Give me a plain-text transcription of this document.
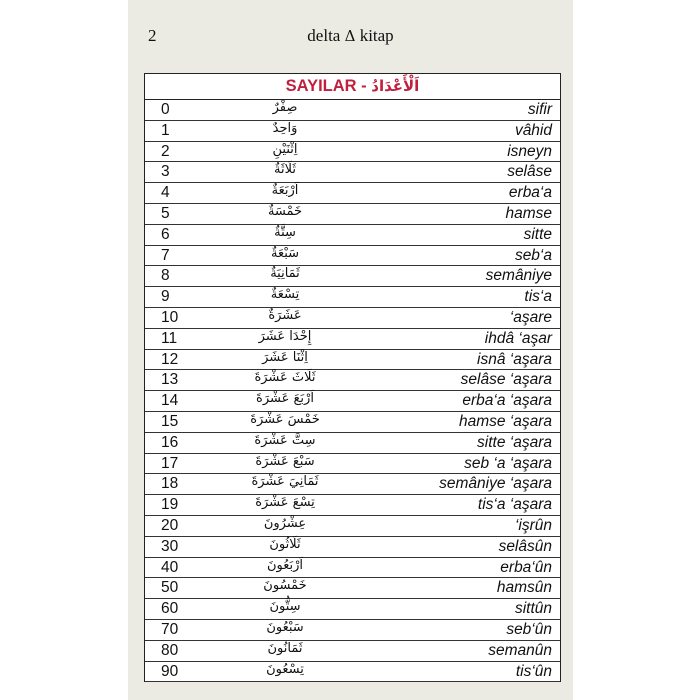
2	delta Δ kitap
SAYILAR - اَلْأَعْدَادُ
0	صِفْرٌ	sifir
1	وَاحِدٌ	vâhid
2	اِثْنَيْنِ	isneyn
3	ثَلَاثَةٌ	selâse
4	اَرْبَعَةٌ	erba‘a
5	خَمْسَةٌ	hamse
6	سِتَّةٌ	sitte
7	سَبْعَةٌ	seb‘a
8	ثَمَانِيَةٌ	semâniye
9	تِسْعَةٌ	tis‘a
10	عَشَرَةٌ	‘aşare
11	إِحْدَا عَشَرَ	ihdâ ‘aşar
12	اِثْنَا عَشَرَ	isnâ ‘aşara
13	ثَلَاثَ عَشْرَةَ	selâse ‘aşara
14	اَرْبَعَ عَشْرَةَ	erba‘a ‘aşara
15	خَمْسَ عَشْرَةَ	hamse ‘aşara
16	سِتَّ عَشْرَةَ	sitte ‘aşara
17	سَبْعَ عَشْرَةَ	seb ‘a ‘aşara
18	ثَمَانِيَ عَشْرَةَ	semâniye ‘aşara
19	تِسْعَ عَشْرَةَ	tis‘a ‘aşara
20	عِشْرُونَ	‘işrûn
30	ثَلَاثُونَ	selâsûn
40	اَرْبَعُونَ	erba‘ûn
50	خَمْسُونَ	hamsûn
60	سِتُّونَ	sittûn
70	سَبْعُونَ	seb‘ûn
80	ثَمَانُونَ	semanûn
90	تِسْعُونَ	tis‘ûn
